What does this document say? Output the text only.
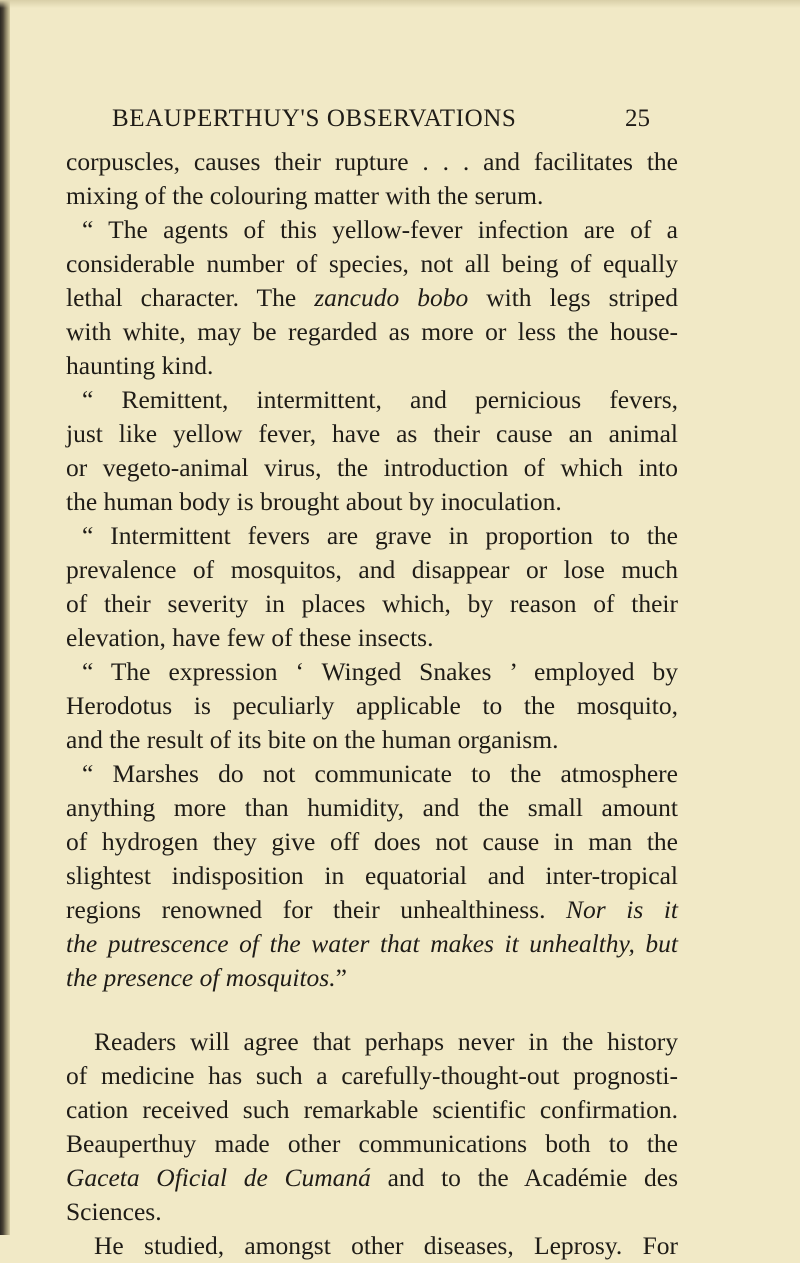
BEAUPERTHUY'S OBSERVATIONS	25
corpuscles, causes their rupture . . . and facilitates the
mixing of the colouring matter with the serum.
“ The agents of this yellow-fever infection are of a
considerable number of species, not all being of equally
lethal character. The zancudo bobo with legs striped
with white, may be regarded as more or less the house-
haunting kind.
“ Remittent, intermittent, and pernicious fevers,
just like yellow fever, have as their cause an animal
or vegeto-animal virus, the introduction of which into
the human body is brought about by inoculation.
“ Intermittent fevers are grave in proportion to the
prevalence of mosquitos, and disappear or lose much
of their severity in places which, by reason of their
elevation, have few of these insects.
“ The expression ‘ Winged Snakes ’ employed by
Herodotus is peculiarly applicable to the mosquito,
and the result of its bite on the human organism.
“ Marshes do not communicate to the atmosphere
anything more than humidity, and the small amount
of hydrogen they give off does not cause in man the
slightest indisposition in equatorial and inter-tropical
regions renowned for their unhealthiness. Nor is it
the putrescence of the water that makes it unhealthy, but
the presence of mosquitos.”
Readers will agree that perhaps never in the history
of medicine has such a carefully-thought-out prognosti-
cation received such remarkable scientific confirmation.
Beauperthuy made other communications both to the
Gaceta Oficial de Cumaná and to the Académie des
Sciences.
He studied, amongst other diseases, Leprosy. For
